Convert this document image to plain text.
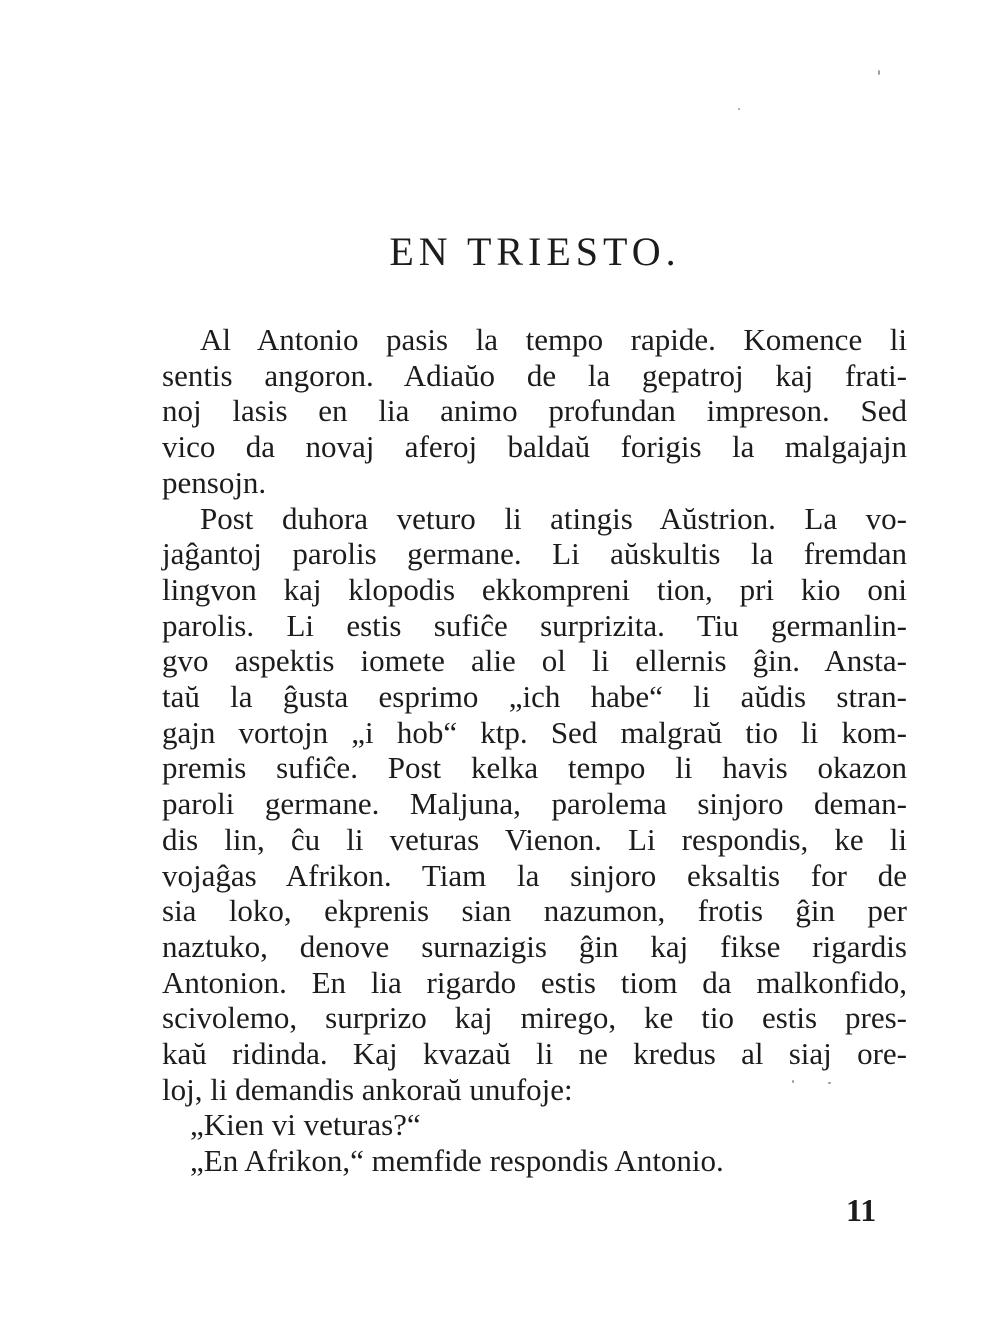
EN TRIESTO.
Al Antonio pasis la tempo rapide. Komence li
sentis angoron. Adiaŭo de la gepatroj kaj frati-
noj lasis en lia animo profundan impreson. Sed
vico da novaj aferoj baldaŭ forigis la malgajajn
pensojn.
Post duhora veturo li atingis Aŭstrion. La vo-
jaĝantoj parolis germane. Li aŭskultis la fremdan
lingvon kaj klopodis ekkompreni tion, pri kio oni
parolis. Li estis sufiĉe surprizita. Tiu germanlin-
gvo aspektis iomete alie ol li ellernis ĝin. Ansta-
taŭ la ĝusta esprimo „ich habe“ li aŭdis stran-
gajn vortojn „i hob“ ktp. Sed malgraŭ tio li kom-
premis sufiĉe. Post kelka tempo li havis okazon
paroli germane. Maljuna, parolema sinjoro deman-
dis lin, ĉu li veturas Vienon. Li respondis, ke li
vojaĝas Afrikon. Tiam la sinjoro eksaltis for de
sia loko, ekprenis sian nazumon, frotis ĝin per
naztuko, denove surnazigis ĝin kaj fikse rigardis
Antonion. En lia rigardo estis tiom da malkonfido,
scivolemo, surprizo kaj mirego, ke tio estis pres-
kaŭ ridinda. Kaj kvazaŭ li ne kredus al siaj ore-
loj, li demandis ankoraŭ unufoje:
„Kien vi veturas?“
„En Afrikon,“ memfide respondis Antonio.
11
